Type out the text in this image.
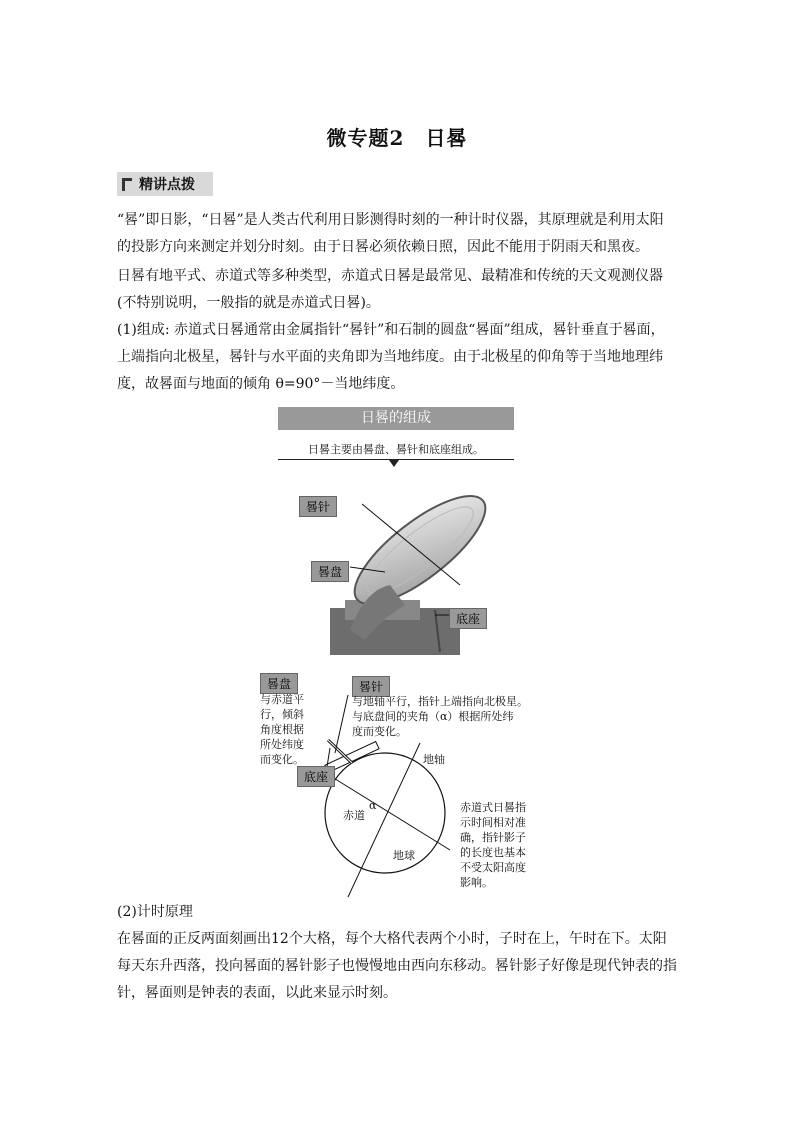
微专题2　日晷
精讲点拨
“晷”即日影，“日晷”是人类古代利用日影测得时刻的一种计时仪器，其原理就是利用太阳的投影方向来测定并划分时刻。由于日晷必须依赖日照，因此不能用于阴雨天和黑夜。
日晷有地平式、赤道式等多种类型，赤道式日晷是最常见、最精准和传统的天文观测仪器(不特别说明，一般指的就是赤道式日晷)。
(1)组成: 赤道式日晷通常由金属指针“晷针”和石制的圆盘“晷面”组成，晷针垂直于晷面，上端指向北极星，晷针与水平面的夹角即为当地纬度。由于北极星的仰角等于当地地理纬度，故晷面与地面的倾角 θ=90°－当地纬度。
日晷的组成
日晷主要由晷盘、晷针和底座组成。
晷针
晷盘
底座
晷盘
与赤道平
行，倾斜
角度根据
所处纬度
而变化。
晷针
与地轴平行，指针上端指向北极星。
与底盘间的夹角（α）根据所处纬
度而变化。
底座
地轴
赤道
α
地球
赤道式日晷指
示时间相对准
确，指针影子
的长度也基本
不受太阳高度
影响。
(2)计时原理
在晷面的正反两面刻画出12个大格，每个大格代表两个小时，子时在上，午时在下。太阳每天东升西落，投向晷面的晷针影子也慢慢地由西向东移动。晷针影子好像是现代钟表的指针，晷面则是钟表的表面，以此来显示时刻。
